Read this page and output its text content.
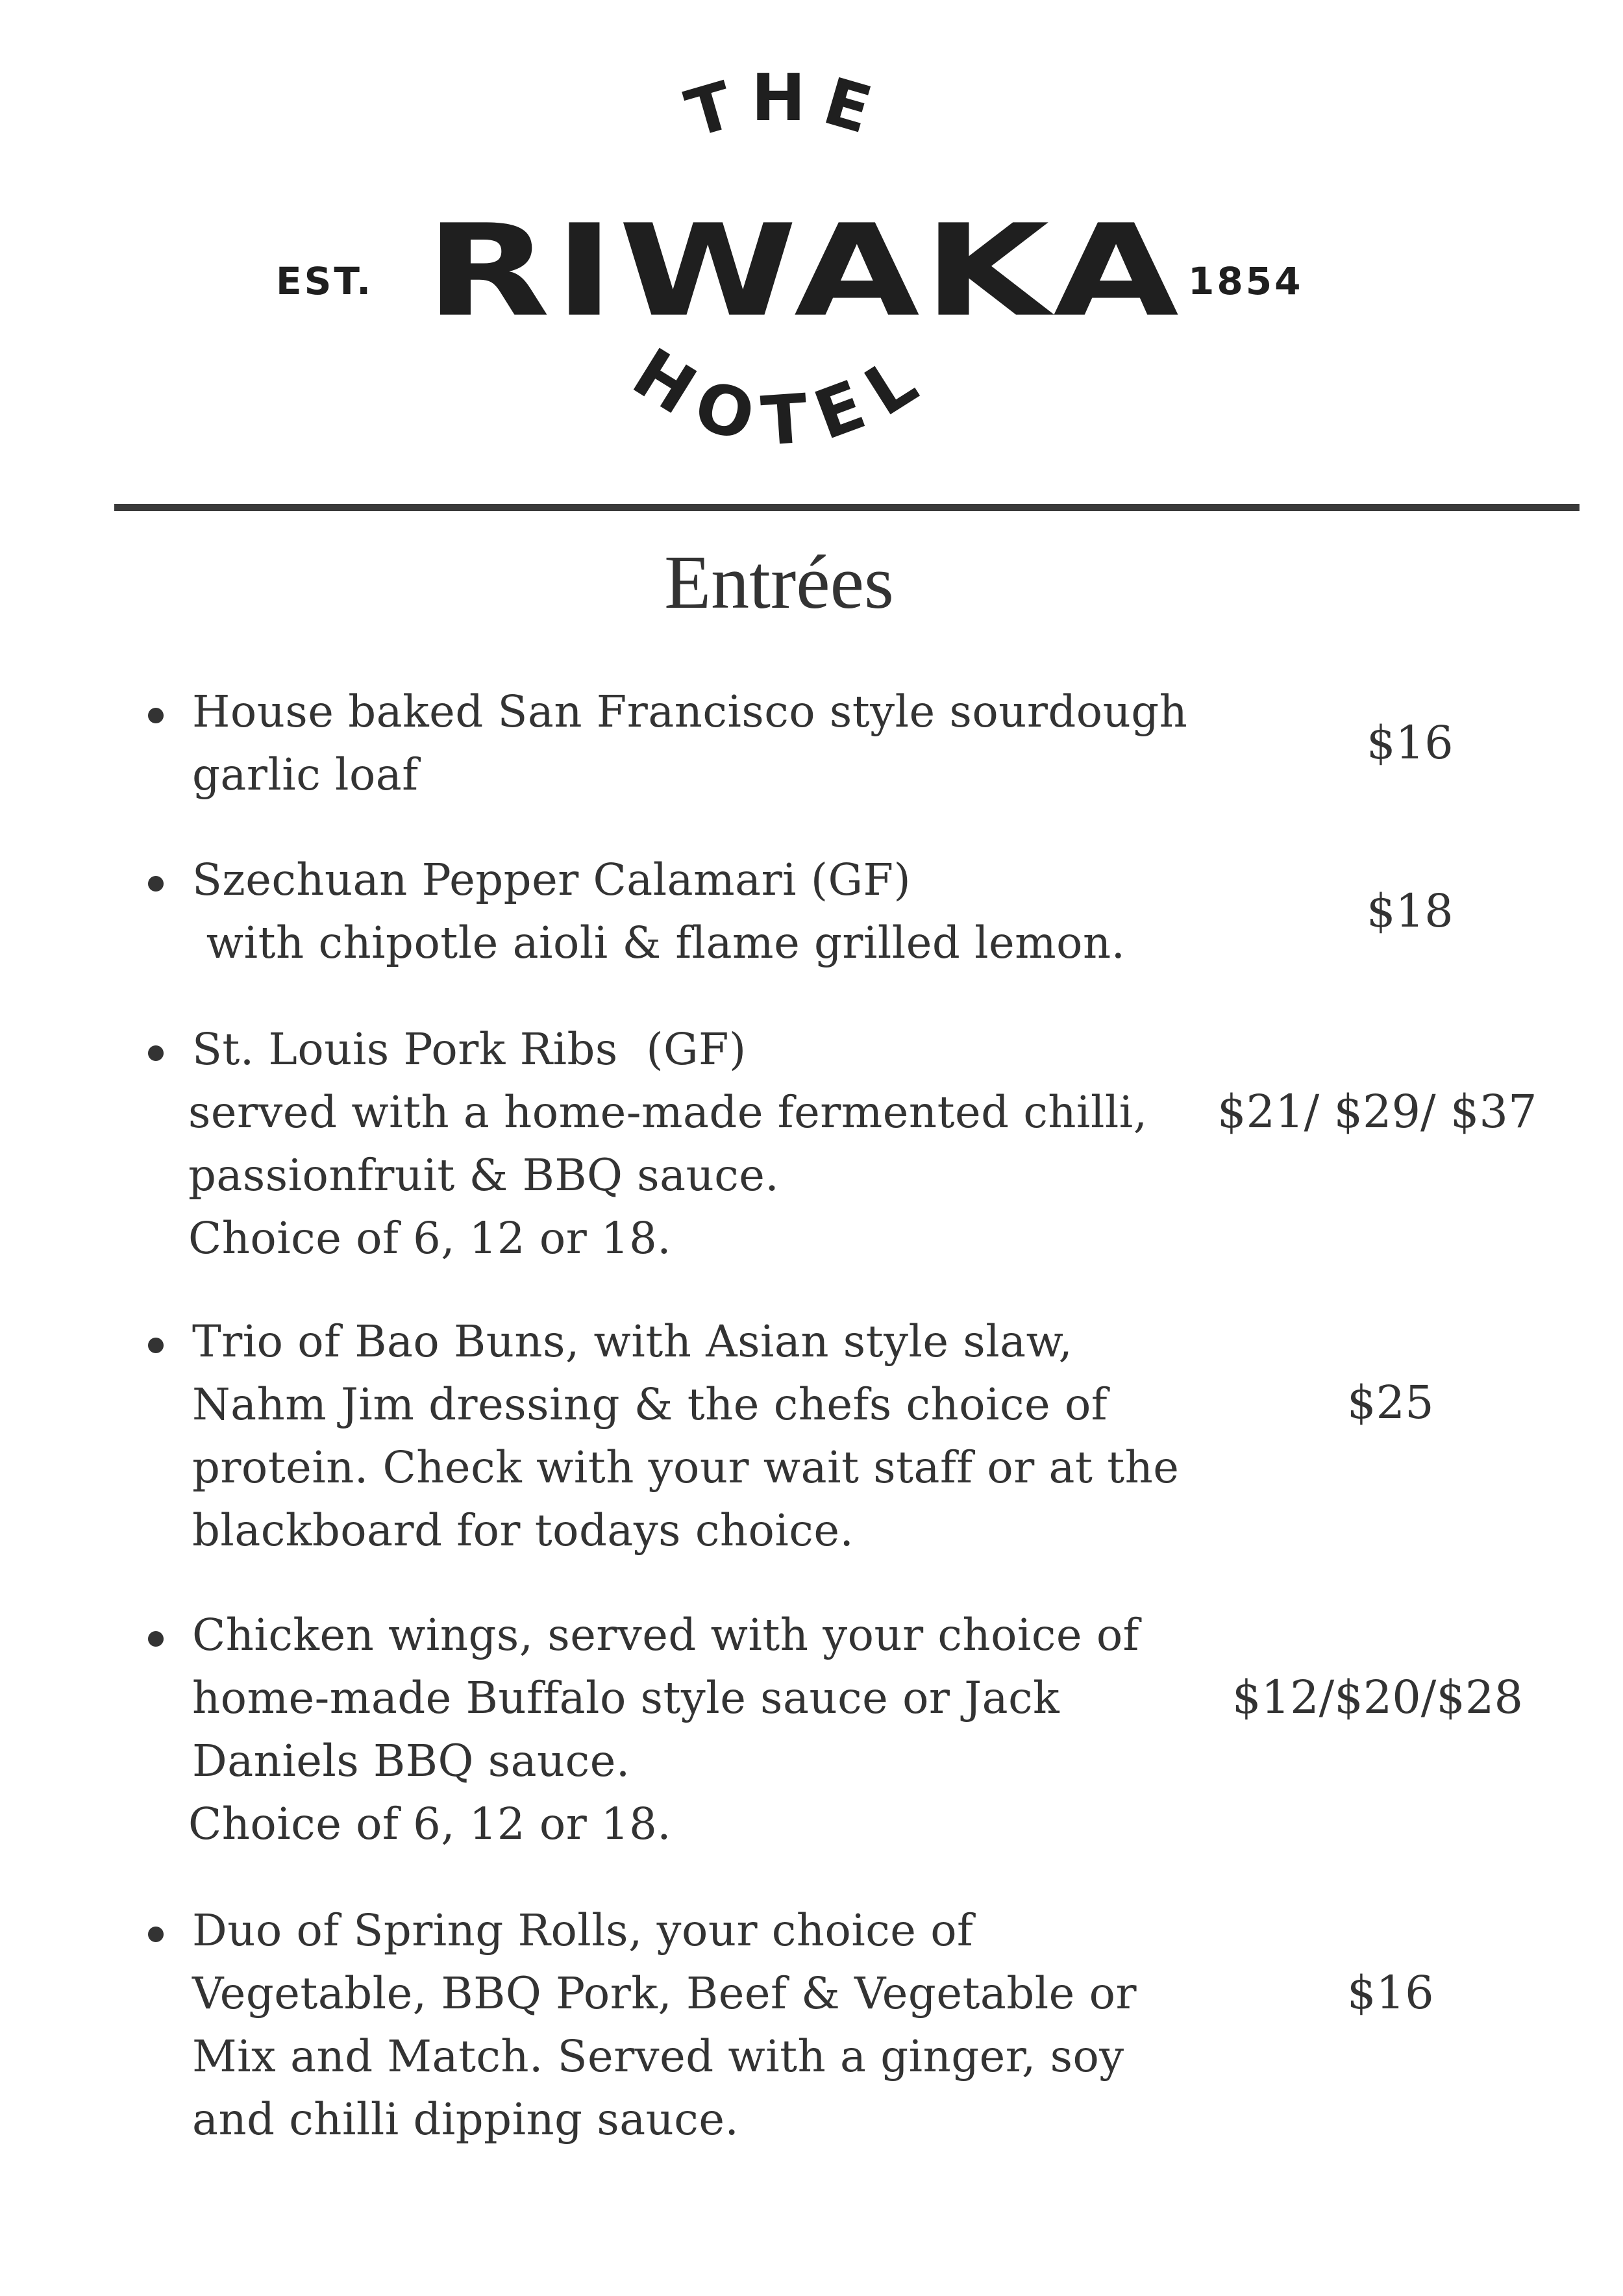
THE
HOTEL
EST. RIWAKA 1854
Entrées

House baked San Francisco style sourdough
garlic loaf

$16

Szechuan Pepper Calamari (GF)
with chipotle aioli & flame grilled lemon.

$18

St. Louis Pork Ribs  (GF)
served with a home-made fermented chilli,
passionfruit & BBQ sauce.
Choice of 6, 12 or 18.

$21/ $29/ $37

Trio of Bao Buns, with Asian style slaw,
Nahm Jim dressing & the chefs choice of
protein. Check with your wait staff or at the
blackboard for todays choice.

$25

Chicken wings, served with your choice of
home-made Buffalo style sauce or Jack
Daniels BBQ sauce.
Choice of 6, 12 or 18.

$12/$20/$28

Duo of Spring Rolls, your choice of
Vegetable, BBQ Pork, Beef & Vegetable or
Mix and Match. Served with a ginger, soy
and chilli dipping sauce.

$16
